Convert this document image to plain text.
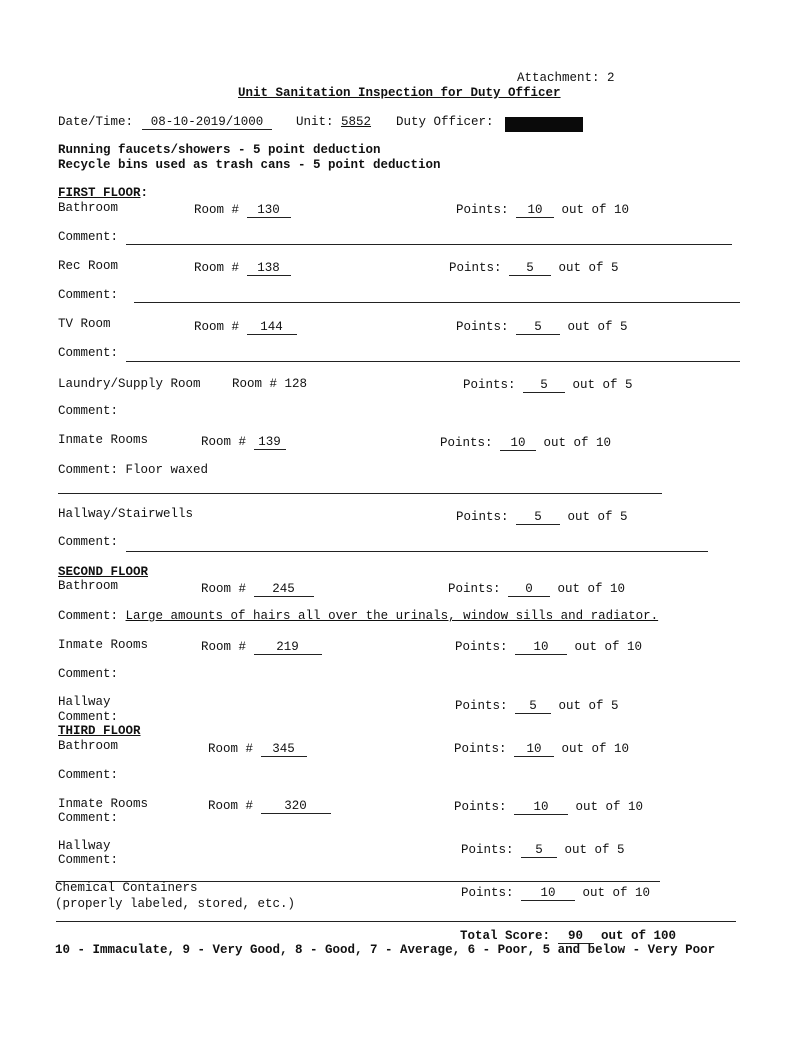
Attachment: 2
Unit Sanitation Inspection for Duty Officer
Date/Time:	08-10-2019/1000	Unit: 5852 Duty Officer:
Running faucets/showers - 5 point deduction
Recycle bins used as trash cans - 5 point deduction
FIRST FLOOR:
Bathroom	Room # 130	Points: 10 out of 10
Comment:
Rec Room	Room # 138	Points: 5 out of 5
Comment:
TV Room	Room # 144	Points: 5 out of 5
Comment:
Laundry/Supply Room	Room # 128	Points: 5 out of 5
Comment:
Inmate Rooms	Room # 139	Points: 10 out of 10
Comment: Floor waxed
Hallway/Stairwells	Points: 5 out of 5
Comment:
SECOND FLOOR
Bathroom	Room # 245	Points: 0 out of 10
Comment: Large amounts of hairs all over the urinals, window sills and radiator.
Inmate Rooms	Room # 219	Points: 10 out of 10
Comment:
Hallway	Points: 5 out of 5
Comment:
THIRD FLOOR
Bathroom	Room # 345	Points: 10 out of 10
Comment:
Inmate Rooms	Room #	320	Points: 10 out of 10
Comment:
Hallway	Points: 5 out of 5
Comment:
Chemical Containers
(properly labeled, stored, etc.)
Points: 10 out of 10
Total Score: 90 out of 100
10 - Immaculate, 9 - Very Good, 8 - Good, 7 - Average, 6 - Poor, 5 and below - Very Poor
